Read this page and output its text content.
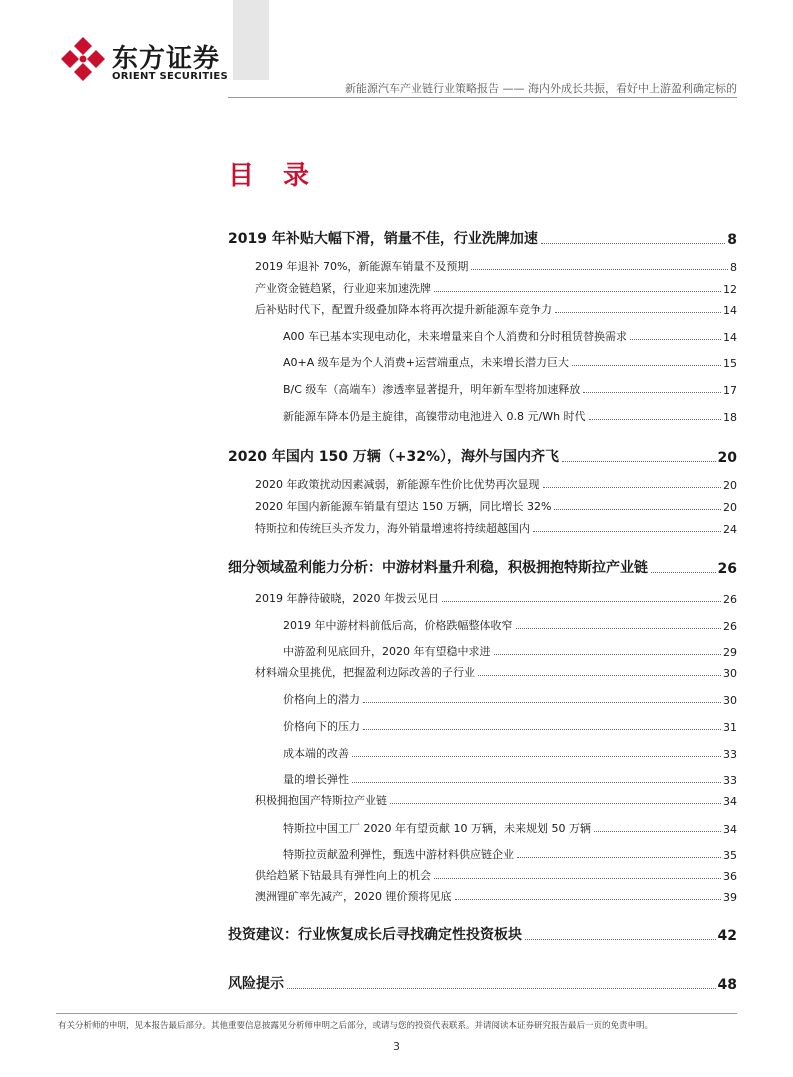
东方证券
ORIENT SECURITIES
新能源汽车产业链行业策略报告 —— 海内外成长共振，看好中上游盈利确定标的
目 录
2019 年补贴大幅下滑，销量不佳，行业洗牌加速	8
2019 年退补 70%，新能源车销量不及预期	8
产业资金链趋紧，行业迎来加速洗牌	12
后补贴时代下，配置升级叠加降本将再次提升新能源车竞争力	14
A00 车已基本实现电动化，未来增量来自个人消费和分时租赁替换需求	14
A0+A 级车是为个人消费+运营端重点，未来增长潜力巨大	15
B/C 级车（高端车）渗透率显著提升，明年新车型将加速释放	17
新能源车降本仍是主旋律，高镍带动电池进入 0.8 元/Wh 时代	18
2020 年国内 150 万辆（+32%），海外与国内齐飞	20
2020 年政策扰动因素减弱，新能源车性价比优势再次显现	20
2020 年国内新能源车销量有望达 150 万辆，同比增长 32%	20
特斯拉和传统巨头齐发力，海外销量增速将持续超越国内	24
细分领域盈利能力分析：中游材料量升利稳，积极拥抱特斯拉产业链	26
2019 年静待破晓，2020 年拨云见日	26
2019 年中游材料前低后高，价格跌幅整体收窄	26
中游盈利见底回升，2020 年有望稳中求进	29
材料端众里挑优，把握盈利边际改善的子行业	30
价格向上的潜力	30
价格向下的压力	31
成本端的改善	33
量的增长弹性	33
积极拥抱国产特斯拉产业链	34
特斯拉中国工厂 2020 年有望贡献 10 万辆，未来规划 50 万辆	34
特斯拉贡献盈利弹性，甄选中游材料供应链企业	35
供给趋紧下钴最具有弹性向上的机会	36
澳洲锂矿率先减产，2020 锂价预将见底	39
投资建议：行业恢复成长后寻找确定性投资板块	42
风险提示	48
有关分析师的申明，见本报告最后部分。其他重要信息披露见分析师申明之后部分，或请与您的投资代表联系。并请阅读本证券研究报告最后一页的免责申明。
3
